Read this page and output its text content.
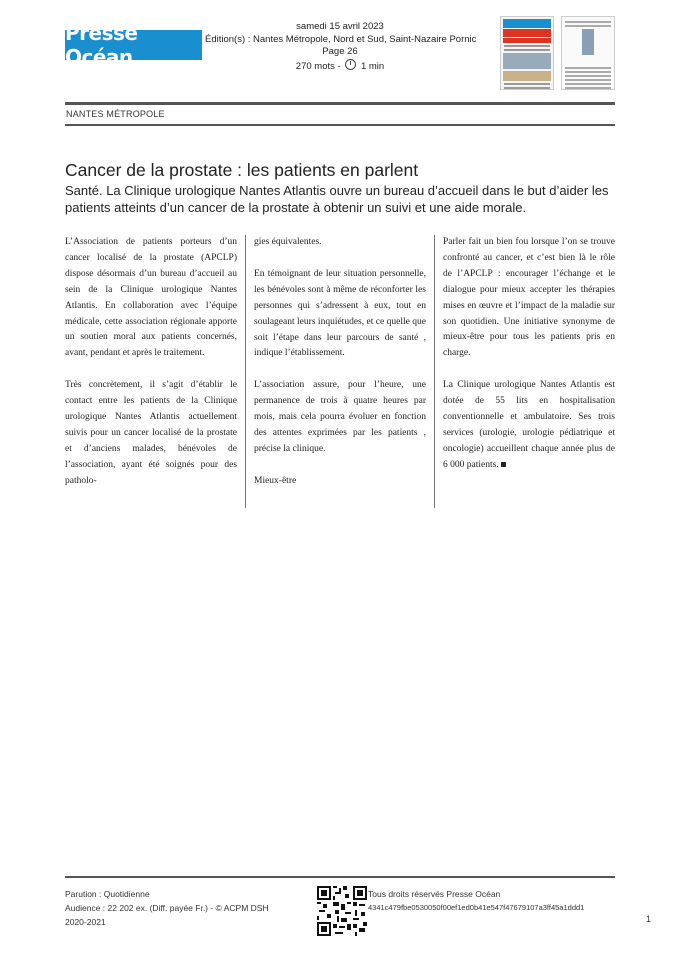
Presse Océan
samedi 15 avril 2023
Édition(s) : Nantes Métropole, Nord et Sud, Saint-Nazaire Pornic
Page 26
270 mots - 1 min
NANTES MÉTROPOLE
Cancer de la prostate : les patients en parlent
Santé. La Clinique urologique Nantes Atlantis ouvre un bureau d’accueil dans le but d’aider les patients atteints d’un cancer de la prostate à obtenir un suivi et une aide morale.

L’Association de patients porteurs d’un cancer localisé de la prostate (APCLP) dispose désormais d’un bureau d’accueil au sein de la Clinique urologique Nantes Atlantis. En collaboration avec l’équipe médicale, cette association régionale apporte un soutien moral aux patients concernés, avant, pendant et après le traitement.

Très concrètement, il s’agit d’établir le contact entre les patients de la Clinique urologique Nantes Atlantis actuellement suivis pour un cancer localisé de la prostate et d’anciens malades, bénévoles de l’association, ayant été soignés pour des patholo-

gies équivalentes.

En témoignant de leur situation personnelle, les bénévoles sont à même de réconforter les personnes qui s’adressent à eux, tout en soulageant leurs inquiétudes, et ce quelle que soit l’étape dans leur parcours de santé , indique l’établissement.

L’association assure, pour l’heure, une permanence de trois à quatre heures par mois, mais cela pourra évoluer en fonction des attentes exprimées par les patients , précise la clinique.

Mieux-être

Parler fait un bien fou lorsque l’on se trouve confronté au cancer, et c’est bien là le rôle de l’APCLP : encourager l’échange et le dialogue pour mieux accepter les thérapies mises en œuvre et l’impact de la maladie sur son quotidien. Une initiative synonyme de mieux-être pour tous les patients pris en charge.

La Clinique urologique Nantes Atlantis est dotée de 55 lits en hospitalisation conventionnelle et ambulatoire. Ses trois services (urologie, urologie pédiatrique et oncologie) accueillent chaque année plus de 6 000 patients.

Parution : Quotidienne
Audience : 22 202 ex. (Diff. payée Fr.) - © ACPM DSH
2020-2021
Tous droits réservés Presse Océan
4341c479fbe0530050f00ef1ed0b41e547f47679107a3ff45a1ddd1
1
